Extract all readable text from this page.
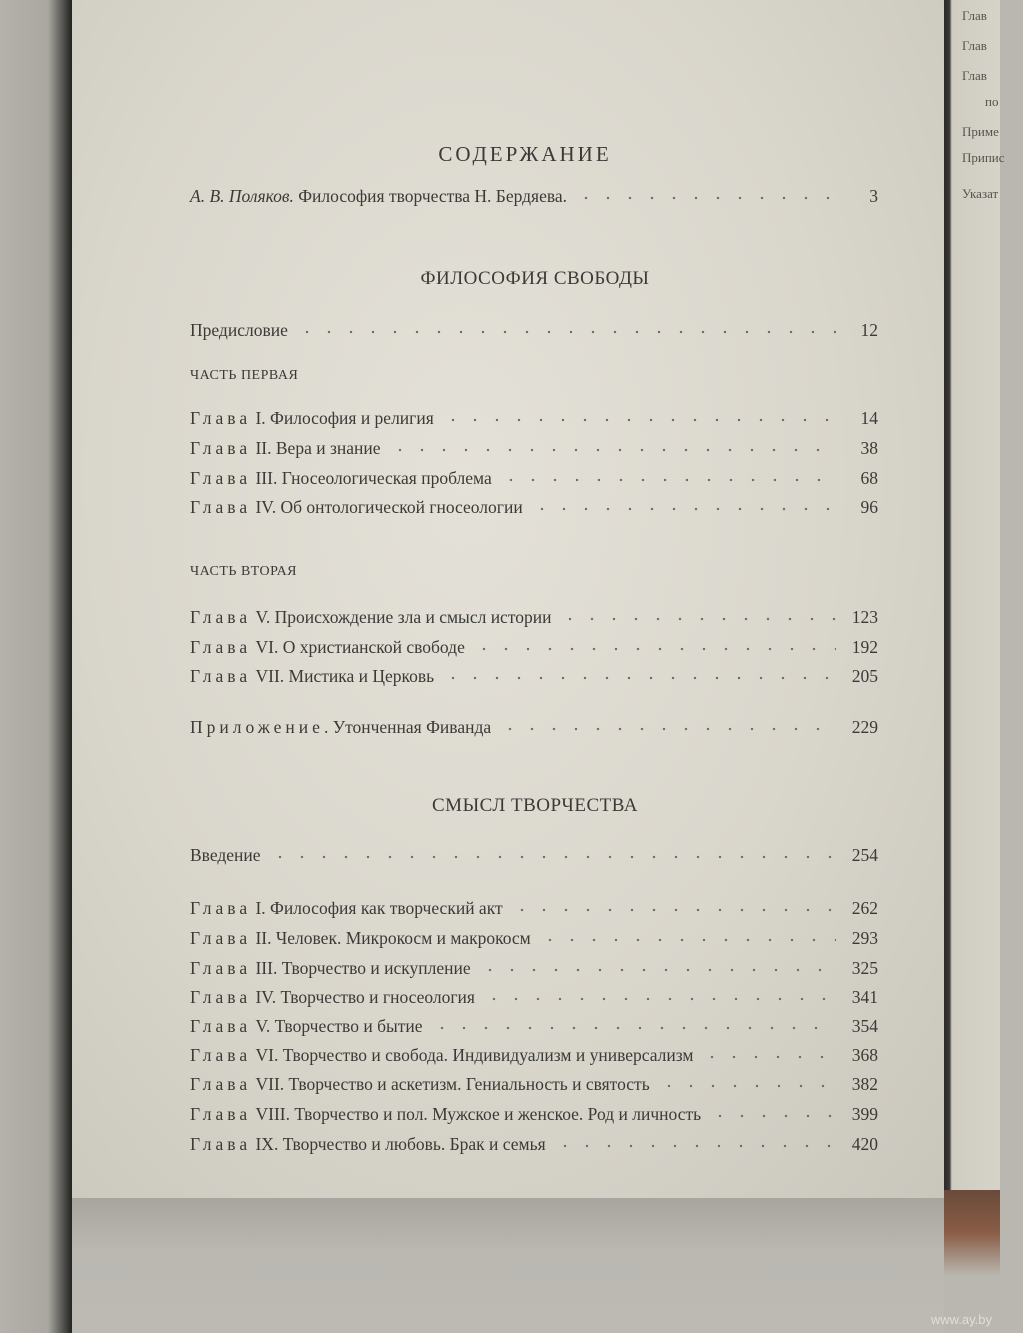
Глав
Глав
Глав
по
Приме
Припис
Указат
СОДЕРЖАНИЕ
А. В. Поляков. Философия творчества Н. Бердяева.	3
ФИЛОСОФИЯ СВОБОДЫ
Предисловие	12
ЧАСТЬ ПЕРВАЯ
Глава I. Философия и религия	14
Глава II. Вера и знание	38
Глава III. Гносеологическая проблема	68
Глава IV. Об онтологической гносеологии	96
ЧАСТЬ ВТОРАЯ
Глава V. Происхождение зла и смысл истории	123
Глава VI. О христианской свободе	192
Глава VII. Мистика и Церковь	205
Приложение. Утонченная Фиванда	229
СМЫСЛ ТВОРЧЕСТВА
Введение	254
Глава I. Философия как творческий акт	262
Глава II. Человек. Микрокосм и макрокосм	293
Глава III. Творчество и искупление	325
Глава IV. Творчество и гносеология	341
Глава V. Творчество и бытие	354
Глава VI. Творчество и свобода. Индивидуализм и универсализм	368
Глава VII. Творчество и аскетизм. Гениальность и святость	382
Глава VIII. Творчество и пол. Мужское и женское. Род и личность	399
Глава IX. Творчество и любовь. Брак и семья	420
www.ay.by
